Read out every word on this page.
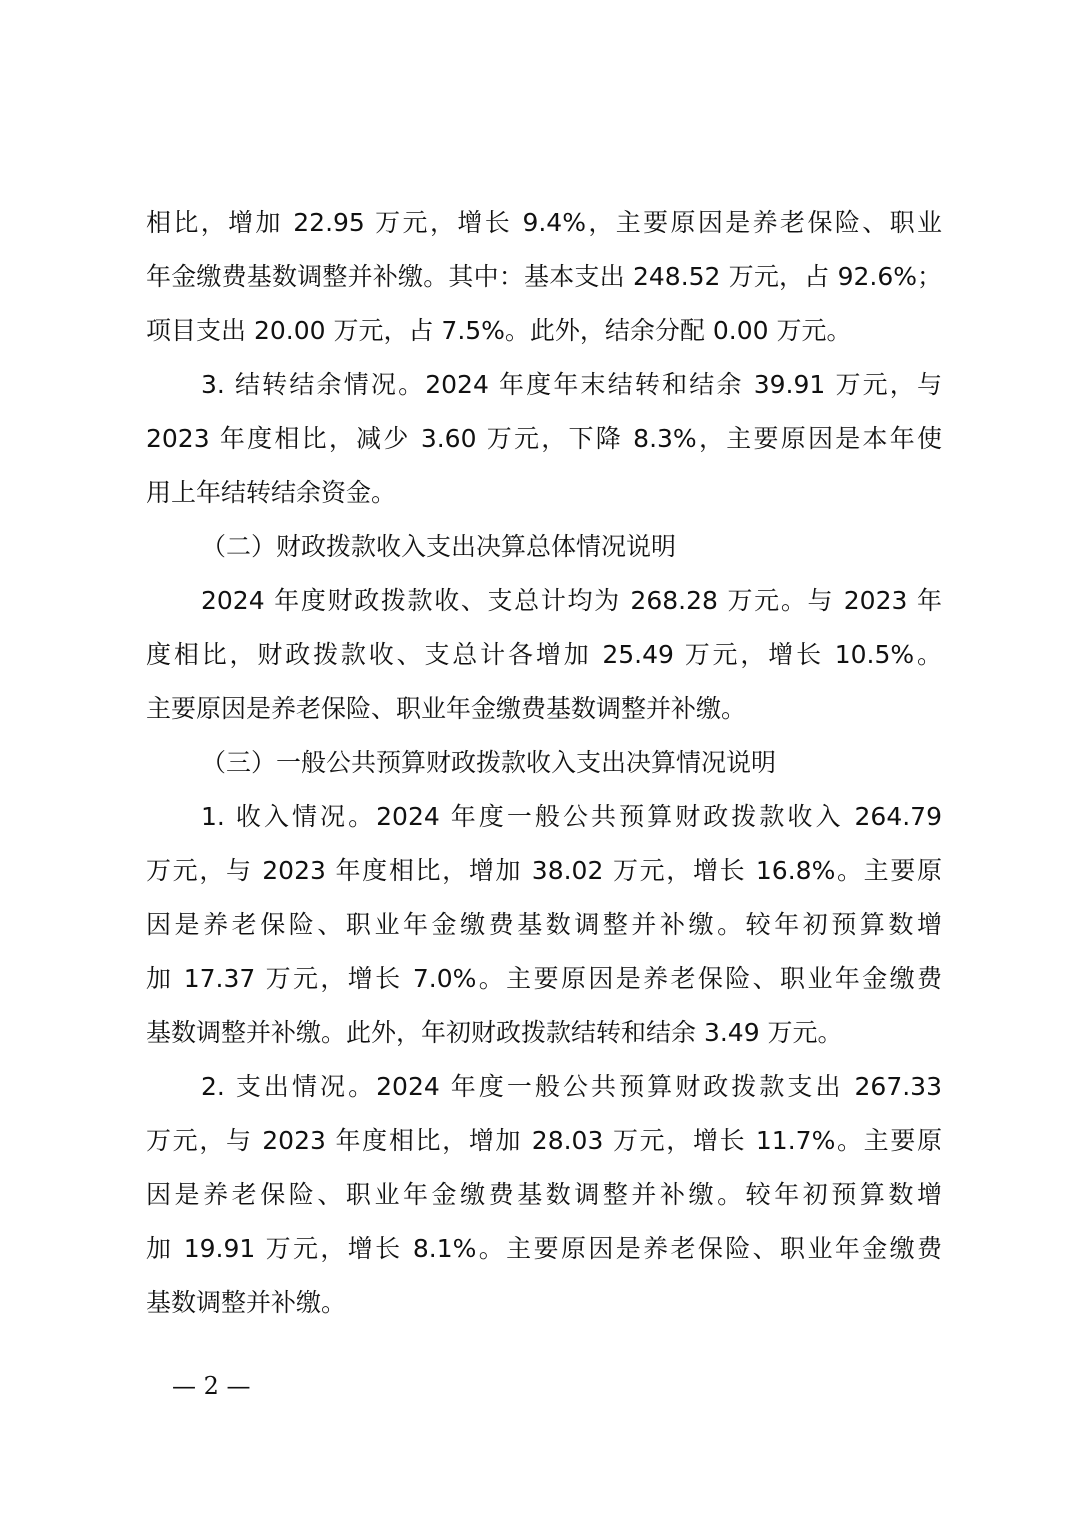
相比，增加 22.95 万元，增长 9.4%，主要原因是养老保险、职业
年金缴费基数调整并补缴。其中：基本支出 248.52 万元，占 92.6%；
项目支出 20.00 万元，占 7.5%。此外，结余分配 0.00 万元。
3. 结转结余情况。2024 年度年末结转和结余 39.91 万元，与
2023 年度相比，减少 3.60 万元，下降 8.3%，主要原因是本年使
用上年结转结余资金。
（二）财政拨款收入支出决算总体情况说明
2024 年度财政拨款收、支总计均为 268.28 万元。与 2023 年
度相比，财政拨款收、支总计各增加 25.49 万元，增长 10.5%。
主要原因是养老保险、职业年金缴费基数调整并补缴。
（三）一般公共预算财政拨款收入支出决算情况说明
1. 收入情况。2024 年度一般公共预算财政拨款收入 264.79
万元，与 2023 年度相比，增加 38.02 万元，增长 16.8%。主要原
因是养老保险、职业年金缴费基数调整并补缴。较年初预算数增
加 17.37 万元，增长 7.0%。主要原因是养老保险、职业年金缴费
基数调整并补缴。此外，年初财政拨款结转和结余 3.49 万元。
2. 支出情况。2024 年度一般公共预算财政拨款支出 267.33
万元，与 2023 年度相比，增加 28.03 万元，增长 11.7%。主要原
因是养老保险、职业年金缴费基数调整并补缴。较年初预算数增
加 19.91 万元，增长 8.1%。主要原因是养老保险、职业年金缴费
基数调整并补缴。
— 2 —
